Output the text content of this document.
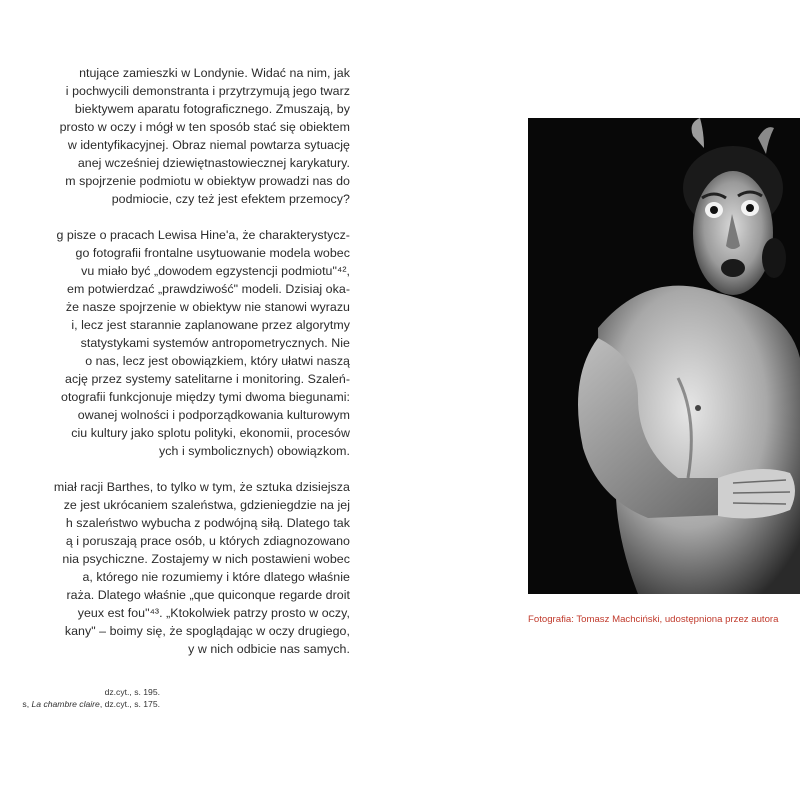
ntujące zamieszki w Londynie. Widać na nim, jak
i pochwycili demonstranta i przytrzymują jego twarz
biektywem aparatu fotograficznego. Zmuszają, by
prosto w oczy i mógł w ten sposób stać się obiektem
w identyfikacyjnej. Obraz niemal powtarza sytuację
anej wcześniej dziewiętnastowiecznej karykatury.
m spojrzenie podmiotu w obiektyw prowadzi nas do
podmiocie, czy też jest efektem przemocy?

g pisze o pracach Lewisa Hine'a, że charakterystycz-
go fotografii frontalne usytuowanie modela wobec
vu miało być „dowodem egzystencji podmiotu"⁴²,
em potwierdzać „prawdziwość" modeli. Dzisiaj oka-
że nasze spojrzenie w obiektyw nie stanowi wyrazu
i, lecz jest starannie zaplanowane przez algorytmy
statystykami systemów antropometrycznych. Nie
o nas, lecz jest obowiązkiem, który ułatwi naszą
ację przez systemy satelitarne i monitoring. Szaleń-
otografii funkcjonuje między tymi dwoma biegunami:
owanej wolności i podporządkowania kulturowym
ciu kultury jako splotu polityki, ekonomii, procesów
ych i symbolicznych) obowiązkom.

miał racji Barthes, to tylko w tym, że sztuka dzisiejsza
ze jest ukrócaniem szaleństwa, gdzieniegdzie na jej
h szaleństwo wybucha z podwójną siłą. Dlatego tak
ą i poruszają prace osób, u których zdiagnozowano
nia psychiczne. Zostajemy w nich postawieni wobec
a, którego nie rozumiemy i które dlatego właśnie
raża. Dlatego właśnie „que quiconque regarde droit
yeux est fou"⁴³. „Ktokolwiek patrzy prosto w oczy,
kany" – boimy się, że spoglądając w oczy drugiego,
y w nich odbicie nas samych.

dz.cyt., s. 195.
s, La chambre claire, dz.cyt., s. 175.
Fotografia: Tomasz Machciński, udostępniona przez autora
